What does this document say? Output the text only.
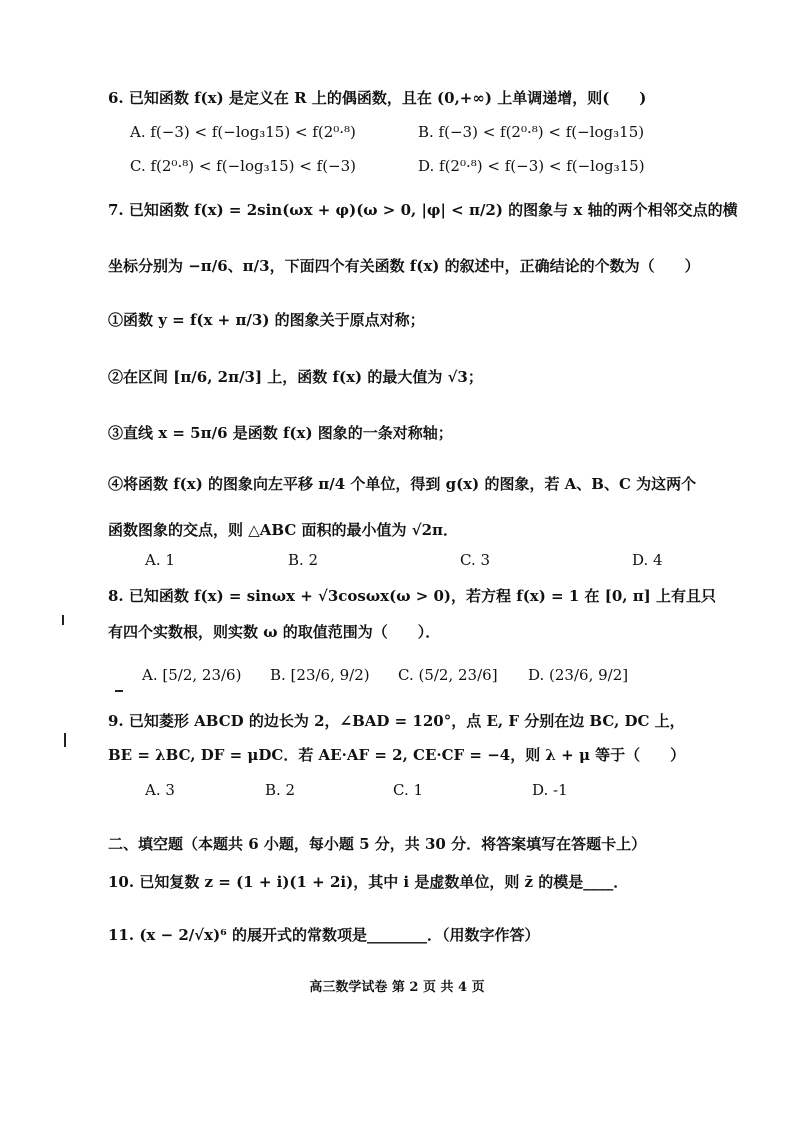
6. 已知函数 f(x) 是定义在 R 上的偶函数，且在 (0,+∞) 上单调递增，则(　　)
A. f(−3) < f(−log₃15) < f(2⁰·⁸)	B. f(−3) < f(2⁰·⁸) < f(−log₃15)
C. f(2⁰·⁸) < f(−log₃15) < f(−3)	D. f(2⁰·⁸) < f(−3) < f(−log₃15)
7. 已知函数 f(x) = 2sin(ωx + φ)(ω > 0, |φ| < π/2) 的图象与 x 轴的两个相邻交点的横
坐标分别为 −π/6、π/3，下面四个有关函数 f(x) 的叙述中，正确结论的个数为（　　）
①函数 y = f(x + π/3) 的图象关于原点对称；
②在区间 [π/6, 2π/3] 上，函数 f(x) 的最大值为 √3；
③直线 x = 5π/6 是函数 f(x) 图象的一条对称轴；
④将函数 f(x) 的图象向左平移 π/4 个单位，得到 g(x) 的图象，若 A、B、C 为这两个
函数图象的交点，则 △ABC 面积的最小值为 √2π．
A. 1	B. 2	C. 3	D. 4
8. 已知函数 f(x) = sinωx + √3cosωx(ω > 0)，若方程 f(x) = 1 在 [0, π] 上有且只
有四个实数根，则实数 ω 的取值范围为（　　）．
A. [5/2, 23/6) B. [23/6, 9/2) C. (5/2, 23/6] D. (23/6, 9/2]
9. 已知菱形 ABCD 的边长为 2，∠BAD = 120°，点 E, F 分别在边 BC, DC 上，
BE = λBC, DF = μDC．若 AE·AF = 2, CE·CF = −4，则 λ + μ 等于（　　）
A. 3	B. 2	C. 1	D. -1
二、填空题（本题共 6 小题，每小题 5 分，共 30 分．将答案填写在答题卡上）
10. 已知复数 z = (1 + i)(1 + 2i)，其中 i 是虚数单位，则 z̄ 的模是____．
11. (x − 2/√x)⁶ 的展开式的常数项是________．（用数字作答）
高三数学试卷 第 2 页 共 4 页
